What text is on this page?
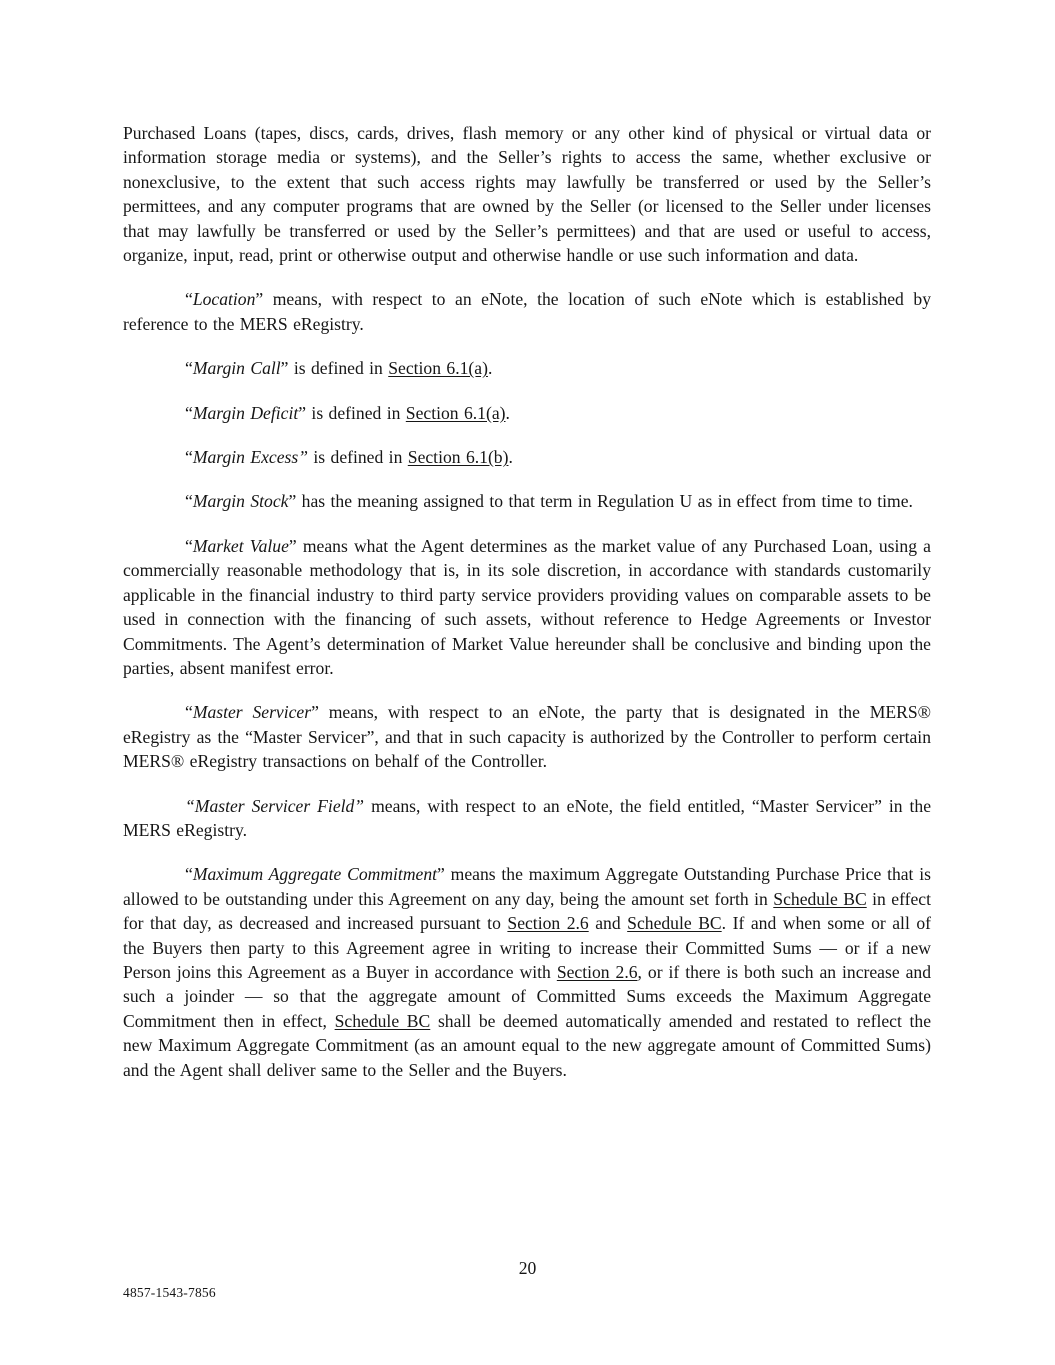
Purchased Loans (tapes, discs, cards, drives, flash memory or any other kind of physical or virtual data or information storage media or systems), and the Seller’s rights to access the same, whether exclusive or nonexclusive, to the extent that such access rights may lawfully be transferred or used by the Seller’s permittees, and any computer programs that are owned by the Seller (or licensed to the Seller under licenses that may lawfully be transferred or used by the Seller’s permittees) and that are used or useful to access, organize, input, read, print or otherwise output and otherwise handle or use such information and data.

“Location” means, with respect to an eNote, the location of such eNote which is established by reference to the MERS eRegistry.

“Margin Call” is defined in Section 6.1(a).

“Margin Deficit” is defined in Section 6.1(a).

“Margin Excess” is defined in Section 6.1(b).

“Margin Stock” has the meaning assigned to that term in Regulation U as in effect from time to time.

“Market Value” means what the Agent determines as the market value of any Purchased Loan, using a commercially reasonable methodology that is, in its sole discretion, in accordance with standards customarily applicable in the financial industry to third party service providers providing values on comparable assets to be used in connection with the financing of such assets, without reference to Hedge Agreements or Investor Commitments. The Agent’s determination of Market Value hereunder shall be conclusive and binding upon the parties, absent manifest error.

“Master Servicer” means, with respect to an eNote, the party that is designated in the MERS® eRegistry as the “Master Servicer”, and that in such capacity is authorized by the Controller to perform certain MERS® eRegistry transactions on behalf of the Controller.

“Master Servicer Field” means, with respect to an eNote, the field entitled, “Master Servicer” in the MERS eRegistry.

“Maximum Aggregate Commitment” means the maximum Aggregate Outstanding Purchase Price that is allowed to be outstanding under this Agreement on any day, being the amount set forth in Schedule BC in effect for that day, as decreased and increased pursuant to Section 2.6 and Schedule BC. If and when some or all of the Buyers then party to this Agreement agree in writing to increase their Committed Sums — or if a new Person joins this Agreement as a Buyer in accordance with Section 2.6, or if there is both such an increase and such a joinder — so that the aggregate amount of Committed Sums exceeds the Maximum Aggregate Commitment then in effect, Schedule BC shall be deemed automatically amended and restated to reflect the new Maximum Aggregate Commitment (as an amount equal to the new aggregate amount of Committed Sums) and the Agent shall deliver same to the Seller and the Buyers.

20
4857-1543-7856
